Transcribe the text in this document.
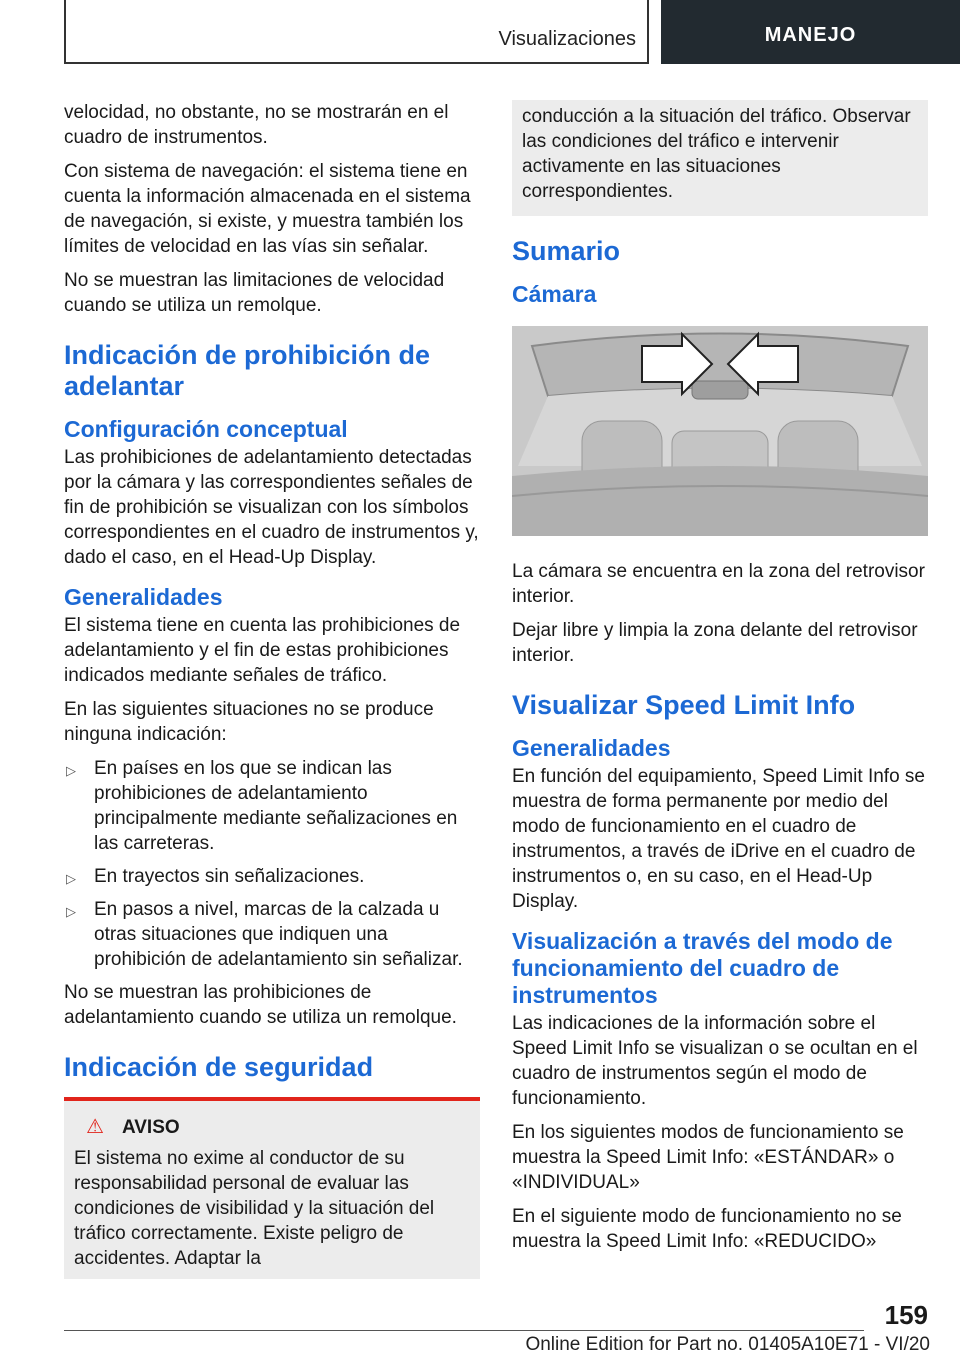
Visualizaciones	MANEJO

velocidad, no obstante, no se mostrarán en el cuadro de instrumentos.

Con sistema de navegación: el sistema tiene en cuenta la información almacenada en el sistema de navegación, si existe, y muestra también los límites de velocidad en las vías sin señalar.

No se muestran las limitaciones de velocidad cuando se utiliza un remolque.

Indicación de prohibición de adelantar
Configuración conceptual

Las prohibiciones de adelantamiento detectadas por la cámara y las correspondientes señales de fin de prohibición se visualizan con los símbolos correspondientes en el cuadro de instrumentos y, dado el caso, en el Head-Up Display.

Generalidades

El sistema tiene en cuenta las prohibiciones de adelantamiento y el fin de estas prohibiciones indicados mediante señales de tráfico.

En las siguientes situaciones no se produce ninguna indicación:

▷ En países en los que se indican las prohibiciones de adelantamiento principalmente mediante señalizaciones en las carreteras.
▷ En trayectos sin señalizaciones.
▷ En pasos a nivel, marcas de la calzada u otras situaciones que indiquen una prohibición de adelantamiento sin señalizar.

No se muestran las prohibiciones de adelantamiento cuando se utiliza un remolque.

Indicación de seguridad
⚠ AVISO
El sistema no exime al conductor de su responsabilidad personal de evaluar las condiciones de visibilidad y la situación del tráfico correctamente. Existe peligro de accidentes. Adaptar la
conducción a la situación del tráfico. Observar las condiciones del tráfico e intervenir activamente en las situaciones correspondientes.
Sumario
Cámara

La cámara se encuentra en la zona del retrovisor interior.

Dejar libre y limpia la zona delante del retrovisor interior.

Visualizar Speed Limit Info
Generalidades

En función del equipamiento, Speed Limit Info se muestra de forma permanente por medio del modo de funcionamiento en el cuadro de instrumentos, a través de iDrive en el cuadro de instrumentos o, en su caso, en el Head-Up Display.

Visualización a través del modo de funcionamiento del cuadro de instrumentos

Las indicaciones de la información sobre el Speed Limit Info se visualizan o se ocultan en el cuadro de instrumentos según el modo de funcionamiento.

En los siguientes modos de funcionamiento se muestra la Speed Limit Info: «ESTÁNDAR» o «INDIVIDUAL»

En el siguiente modo de funcionamiento no se muestra la Speed Limit Info: «REDUCIDO»

159
Online Edition for Part no. 01405A10E71 - VI/20
